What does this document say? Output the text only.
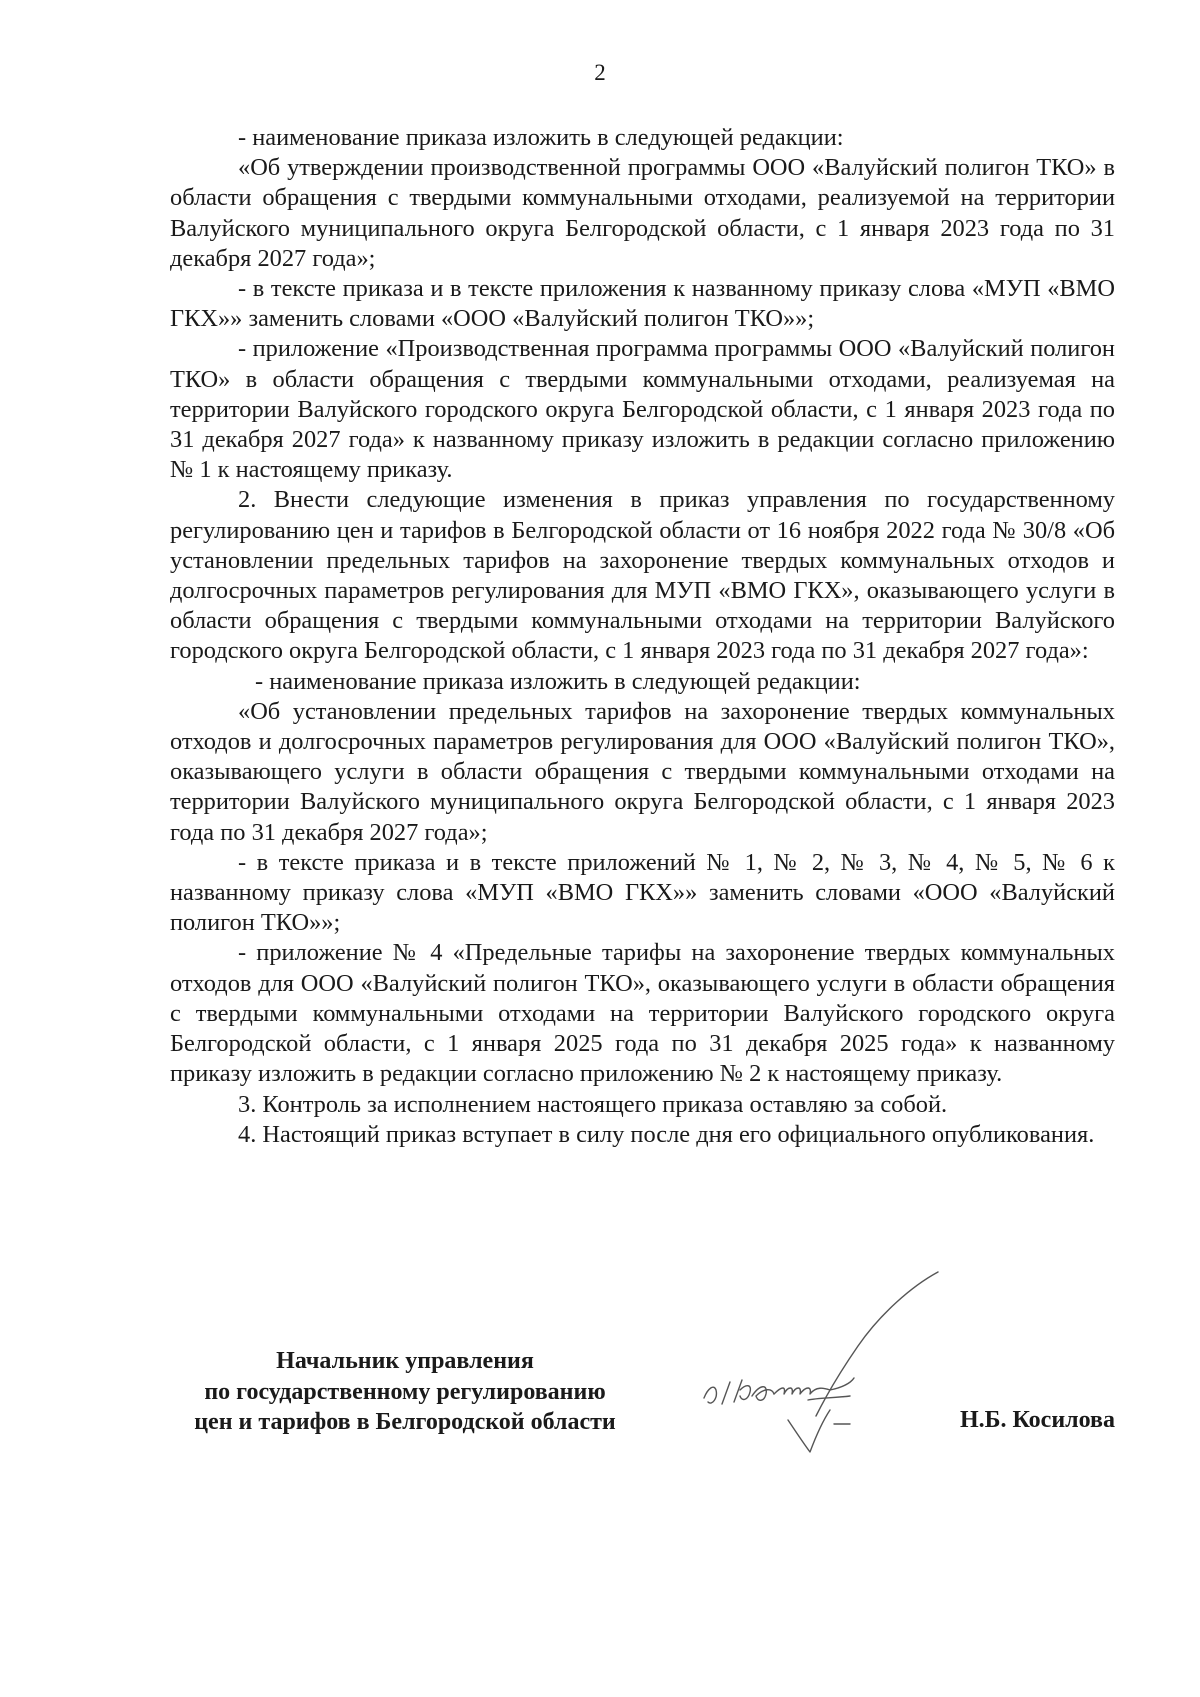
2

- наименование приказа изложить в следующей редакции:

«Об утверждении производственной программы ООО «Валуйский полигон ТКО» в области обращения с твердыми коммунальными отходами, реализуемой на территории Валуйского муниципального округа Белгородской области, с 1 января 2023 года по 31 декабря 2027 года»;

- в тексте приказа и в тексте приложения к названному приказу слова «МУП «ВМО ГКХ»» заменить словами «ООО «Валуйский полигон ТКО»»;

- приложение «Производственная программа программы ООО «Валуйский полигон ТКО» в области обращения с твердыми коммунальными отходами, реализуемая на территории Валуйского городского округа Белгородской области, с 1 января 2023 года по 31 декабря 2027 года» к названному приказу изложить в редакции согласно приложению № 1 к настоящему приказу.

2. Внести следующие изменения в приказ управления по государственному регулированию цен и тарифов в Белгородской области от 16 ноября 2022 года № 30/8 «Об установлении предельных тарифов на захоронение твердых коммунальных отходов и долгосрочных параметров регулирования для МУП «ВМО ГКХ», оказывающего услуги в области обращения с твердыми коммунальными отходами на территории Валуйского городского округа Белгородской области, с 1 января 2023 года по 31 декабря 2027 года»:

- наименование приказа изложить в следующей редакции:

«Об установлении предельных тарифов на захоронение твердых коммунальных отходов и долгосрочных параметров регулирования для ООО «Валуйский полигон ТКО», оказывающего услуги в области обращения с твердыми коммунальными отходами на территории Валуйского муниципального округа Белгородской области, с 1 января 2023 года по 31 декабря 2027 года»;

- в тексте приказа и в тексте приложений № 1, № 2, № 3, № 4, № 5, № 6 к названному приказу слова «МУП «ВМО ГКХ»» заменить словами «ООО «Валуйский полигон ТКО»»;

- приложение № 4 «Предельные тарифы на захоронение твердых коммунальных отходов для ООО «Валуйский полигон ТКО», оказывающего услуги в области обращения с твердыми коммунальными отходами на территории Валуйского городского округа Белгородской области, с 1 января 2025 года по 31 декабря 2025 года» к названному приказу изложить в редакции согласно приложению № 2 к настоящему приказу.

3. Контроль за исполнением настоящего приказа оставляю за собой.

4. Настоящий приказ вступает в силу после дня его официального опубликования.

Начальник управления
по государственному регулированию
цен и тарифов в Белгородской области	Н.Б. Косилова
